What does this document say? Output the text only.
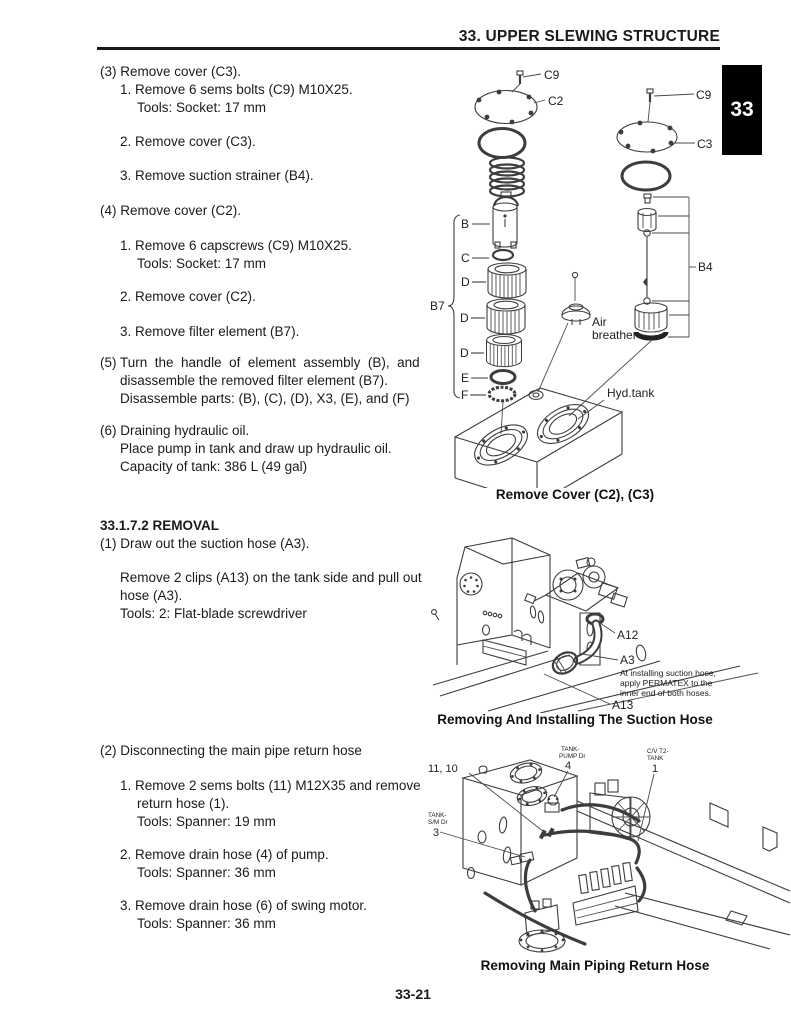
33. UPPER SLEWING STRUCTURE
33
(3) Remove cover (C3).
1. Remove 6 sems bolts (C9) M10X25.
Tools: Socket: 17 mm
2. Remove cover (C3).
3. Remove suction strainer (B4).
(4) Remove cover (C2).
1. Remove 6 capscrews (C9) M10X25.
Tools: Socket: 17 mm
2. Remove cover (C2).
3. Remove filter element (B7).
(5) Turn  the  handle  of  element  assembly  (B),  and
disassemble the removed filter element (B7).
Disassemble parts: (B), (C), (D), X3, (E), and (F)
(6) Draining hydraulic oil.
Place pump in tank and draw up hydraulic oil.
Capacity of tank: 386 L (49 gal)
33.1.7.2 REMOVAL
(1) Draw out the suction hose (A3).
Remove 2 clips (A13) on the tank side and pull out
hose (A3).
Tools: 2: Flat-blade screwdriver
(2) Disconnecting the main pipe return hose
1. Remove 2 sems bolts (11) M12X35 and remove
return hose (1).
Tools: Spanner: 19 mm
2. Remove drain hose (4) of pump.
Tools: Spanner: 36 mm
3. Remove drain hose (6) of swing motor.
Tools: Spanner: 36 mm
C9
C2
B
C
D
D
D
E
F
B7
Air
breather
C9
C3
B4
Hyd.tank
Remove Cover (C2), (C3)
A12
A3
At installing suction hose,
apply PERMATEX to the
inner end of both hoses.
A13
Removing And Installing The Suction Hose
11, 10
TANK-
PUMP Dr
4
C/V T2-
TANK
1
TANK-
S/M Dr
3
Removing Main Piping Return Hose
33-21
